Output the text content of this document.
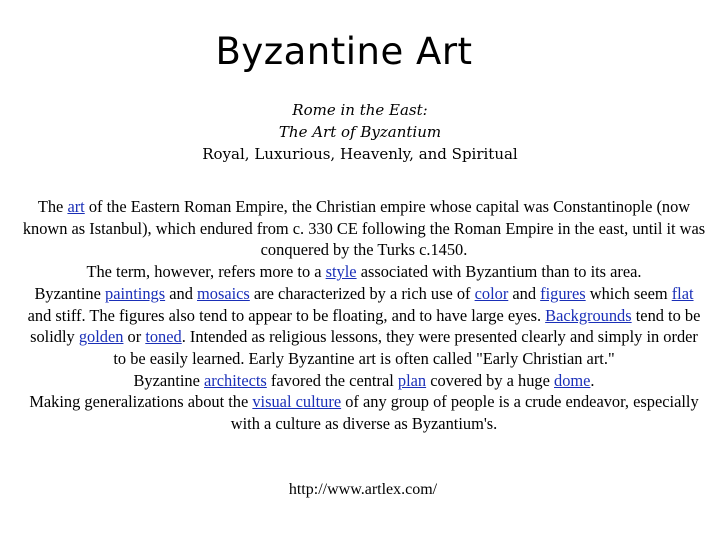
Byzantine Art
Rome in the East:
The Art of Byzantium
Royal, Luxurious, Heavenly, and Spiritual

The art of the Eastern Roman Empire, the Christian empire whose capital was Constantinople (now known as Istanbul), which endured from c. 330 CE following the Roman Empire in the east, until it was conquered by the Turks c.1450.

The term, however, refers more to a style associated with Byzantium than to its area.

Byzantine paintings and mosaics are characterized by a rich use of color and figures which seem flat and stiff. The figures also tend to appear to be floating, and to have large eyes. Backgrounds tend to be solidly golden or toned. Intended as religious lessons, they were presented clearly and simply in order to be easily learned. Early Byzantine art is often called "Early Christian art."

Byzantine architects favored the central plan covered by a huge dome.

Making generalizations about the visual culture of any group of people is a crude endeavor, especially with a culture as diverse as Byzantium's.

http://www.artlex.com/
